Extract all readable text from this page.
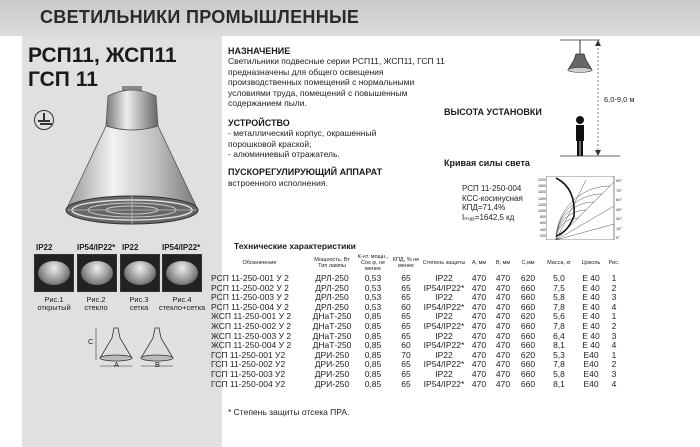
СВЕТИЛЬНИКИ ПРОМЫШЛЕННЫЕ
РСП11, ЖСП11
ГСП 11
IP22	IP54/IP22* IP22	IP54/IP22*
Рис.1
открытый
Рис.2
стекло
Рис.3
сетка
Рис.4
стекло+сетка
C
A	B
НАЗНАЧЕНИЕ
Светильники подвесные серии РСП11, ЖСП11, ГСП 11
предназначены для общего освещения
производственных помещений с нормальными
условиями труда, помещений с повышенным
содержанием пыли.
УСТРОЙСТВО
- металлический корпус, окрашенный
порошковой краской;
- алюминиевый отражатель.
ПУСКОРЕГУЛИРУЮЩИЙ АППАРАТ
встроенного исполнения.
ВЫСОТА УСТАНОВКИ
6,0-9,0 м
Кривая силы света
РСП 11-250-004
КСС-косинусная
КПД=71,4%
Iₘₐₓ=1642,5 кд
2000
1800
1600
1400
1200
1000
800
600
400
200
90°
75°
60°
45°
30°
15°
0°
Технические характеристики
Обозначение	Мощность, Вт Тип лампы	К-нт. мощн., Cos φ, не менее	КПД, % не менее	Степень защиты	А, мм	В, мм	С,мм	Масса, кг	Цоколь	Рис.
РСП 11-250-001 У 2	ДРЛ-250	0,53	65	IP22	470	470	620	5,0	Е 40	1
РСП 11-250-002 У 2	ДРЛ-250	0,53	65	IP54/IP22*	470	470	660	7,5	Е 40	2
РСП 11-250-003 У 2	ДРЛ-250	0,53	65	IP22	470	470	660	5,8	Е 40	3
РСП 11-250-004 У 2	ДРЛ-250	0,53	60	IP54/IP22*	470	470	660	7,8	Е 40	4
ЖСП 11-250-001 У 2	ДНаТ-250	0,85	65	IP22	470	470	620	5,6	Е 40	1
ЖСП 11-250-002 У 2	ДНаТ-250	0,85	65	IP54/IP22*	470	470	660	7,8	Е 40	2
ЖСП 11-250-003 У 2	ДНаТ-250	0,85	65	IP22	470	470	660	6,4	Е 40	3
ЖСП 11-250-004 У 2	ДНаТ-250	0,85	60	IP54/IP22*	470	470	660	8,1	Е 40	4
ГСП 11-250-001 У2	ДРИ-250	0,85	70	IP22	470	470	620	5,3	Е40	1
ГСП 11-250-002 У2	ДРИ-250	0,85	65	IP54/IP22*	470	470	660	7,8	Е40	2
ГСП 11-250-003 У2	ДРИ-250	0,85	65	IP22	470	470	660	5,8	Е40	3
ГСП 11-250-004 У2	ДРИ-250	0,85	65	IP54/IP22*	470	470	660	8,1	Е40	4
* Степень защиты отсека ПРА.
